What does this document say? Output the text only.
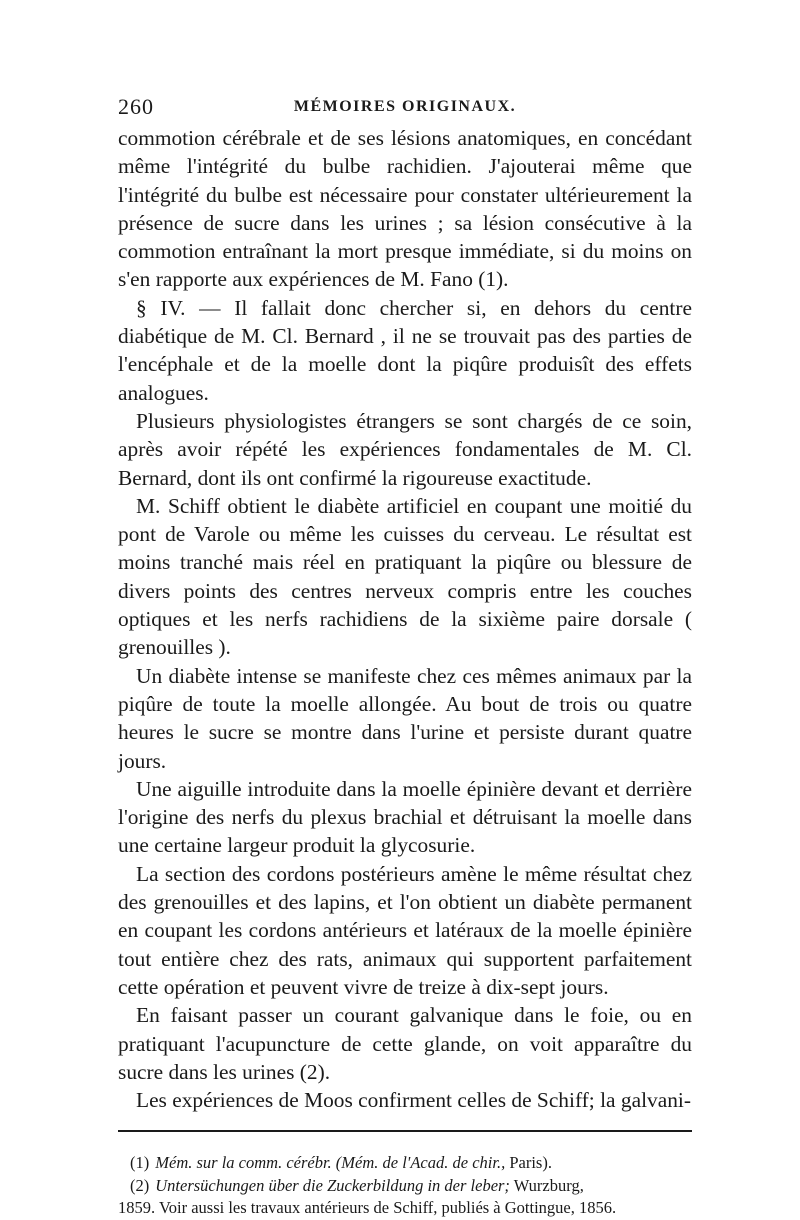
260	MÉMOIRES ORIGINAUX.

commotion cérébrale et de ses lésions anatomiques, en concédant même l'intégrité du bulbe rachidien. J'ajouterai même que l'intégrité du bulbe est nécessaire pour constater ultérieurement la présence de sucre dans les urines ; sa lésion consécutive à la commotion entraînant la mort presque immédiate, si du moins on s'en rapporte aux expériences de M. Fano (1).

§ IV. — Il fallait donc chercher si, en dehors du centre diabétique de M. Cl. Bernard , il ne se trouvait pas des parties de l'encéphale et de la moelle dont la piqûre produisît des effets analogues.

Plusieurs physiologistes étrangers se sont chargés de ce soin, après avoir répété les expériences fondamentales de M. Cl. Bernard, dont ils ont confirmé la rigoureuse exactitude.

M. Schiff obtient le diabète artificiel en coupant une moitié du pont de Varole ou même les cuisses du cerveau. Le résultat est moins tranché mais réel en pratiquant la piqûre ou blessure de divers points des centres nerveux compris entre les couches optiques et les nerfs rachidiens de la sixième paire dorsale ( grenouilles ).

Un diabète intense se manifeste chez ces mêmes animaux par la piqûre de toute la moelle allongée. Au bout de trois ou quatre heures le sucre se montre dans l'urine et persiste durant quatre jours.

Une aiguille introduite dans la moelle épinière devant et derrière l'origine des nerfs du plexus brachial et détruisant la moelle dans une certaine largeur produit la glycosurie.

La section des cordons postérieurs amène le même résultat chez des grenouilles et des lapins, et l'on obtient un diabète permanent en coupant les cordons antérieurs et latéraux de la moelle épinière tout entière chez des rats, animaux qui supportent parfaitement cette opération et peuvent vivre de treize à dix-sept jours.

En faisant passer un courant galvanique dans le foie, ou en pratiquant l'acupuncture de cette glande, on voit apparaître du sucre dans les urines (2).

Les expériences de Moos confirment celles de Schiff; la galvani-

(1) Mém. sur la comm. cérébr. (Mém. de l'Acad. de chir., Paris).

(2) Untersüchungen über die Zuckerbildung in der leber; Wurzburg,

1859. Voir aussi les travaux antérieurs de Schiff, publiés à Gottingue, 1856.
